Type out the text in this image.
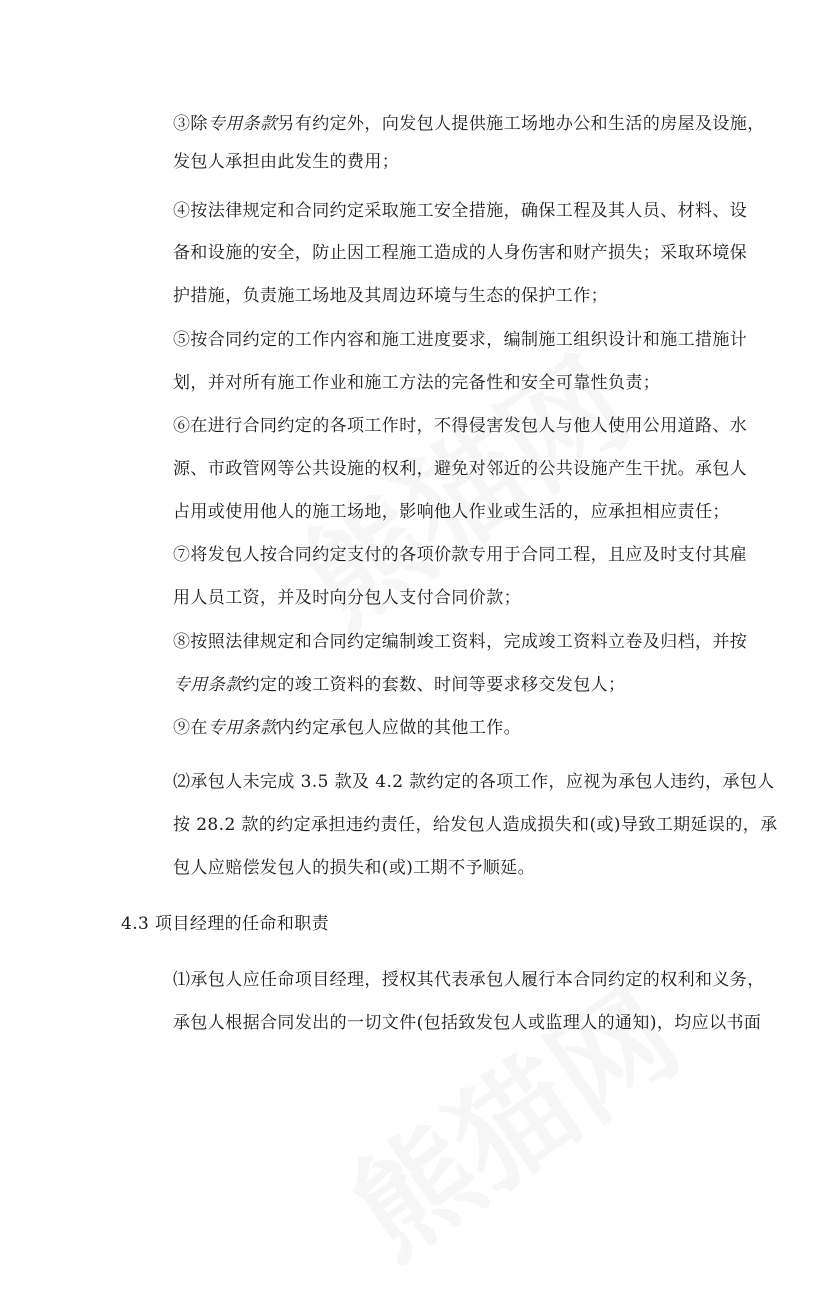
③除专用条款另有约定外，向发包人提供施工场地办公和生活的房屋及设施，
发包人承担由此发生的费用；
④按法律规定和合同约定采取施工安全措施，确保工程及其人员、材料、设
备和设施的安全，防止因工程施工造成的人身伤害和财产损失；采取环境保
护措施，负责施工场地及其周边环境与生态的保护工作；
⑤按合同约定的工作内容和施工进度要求，编制施工组织设计和施工措施计
划，并对所有施工作业和施工方法的完备性和安全可靠性负责；
⑥在进行合同约定的各项工作时，不得侵害发包人与他人使用公用道路、水
源、市政管网等公共设施的权利，避免对邻近的公共设施产生干扰。承包人
占用或使用他人的施工场地，影响他人作业或生活的，应承担相应责任；
⑦将发包人按合同约定支付的各项价款专用于合同工程，且应及时支付其雇
用人员工资，并及时向分包人支付合同价款；
⑧按照法律规定和合同约定编制竣工资料，完成竣工资料立卷及归档，并按
专用条款约定的竣工资料的套数、时间等要求移交发包人；
⑨在专用条款内约定承包人应做的其他工作。
⑵承包人未完成 3.5 款及 4.2 款约定的各项工作，应视为承包人违约，承包人
按 28.2 款的约定承担违约责任，给发包人造成损失和(或)导致工期延误的，承
包人应赔偿发包人的损失和(或)工期不予顺延。
4.3 项目经理的任命和职责
⑴承包人应任命项目经理，授权其代表承包人履行本合同约定的权利和义务，
承包人根据合同发出的一切文件(包括致发包人或监理人的通知)，均应以书面
